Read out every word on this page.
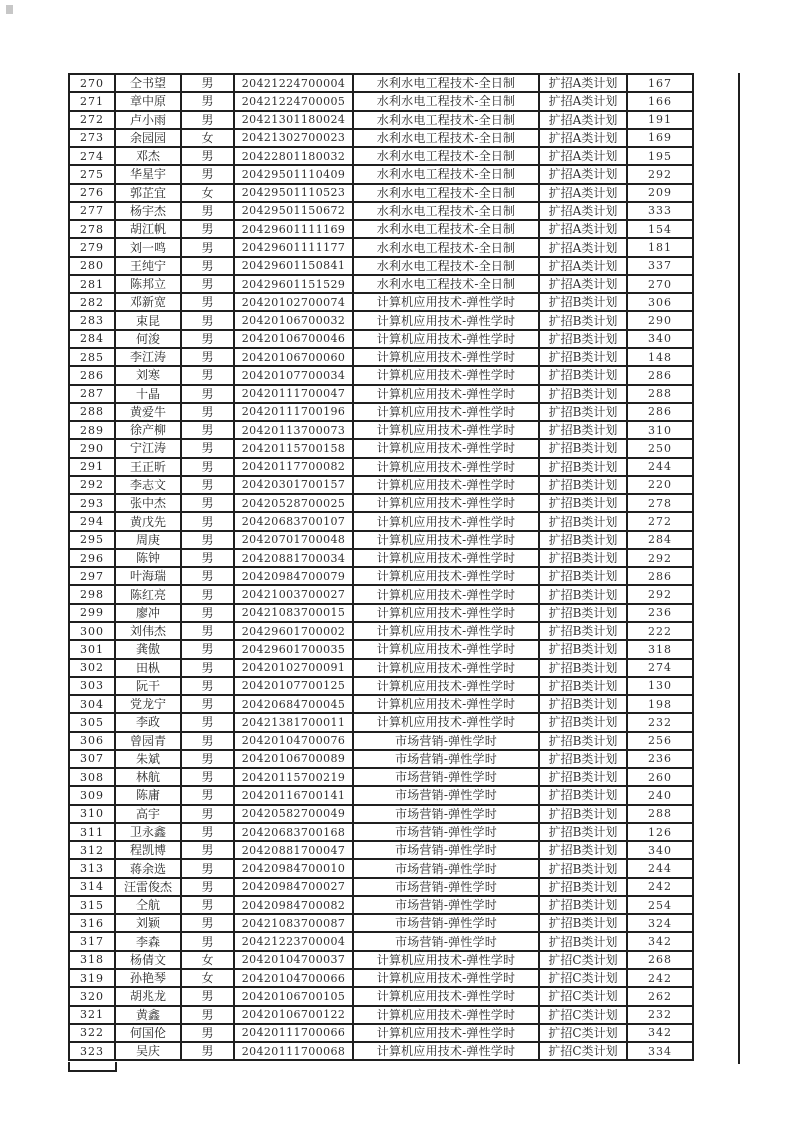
270	仝书望	男	20421224700004	水利水电工程技术-全日制	扩招A类计划	167
271	章中原	男	20421224700005	水利水电工程技术-全日制	扩招A类计划	166
272	卢小雨	男	20421301180024	水利水电工程技术-全日制	扩招A类计划	191
273	余园园	女	20421302700023	水利水电工程技术-全日制	扩招A类计划	169
274	邓杰	男	20422801180032	水利水电工程技术-全日制	扩招A类计划	195
275	华星宇	男	20429501110409	水利水电工程技术-全日制	扩招A类计划	292
276	郭芷宜	女	20429501110523	水利水电工程技术-全日制	扩招A类计划	209
277	杨宇杰	男	20429501150672	水利水电工程技术-全日制	扩招A类计划	333
278	胡江帆	男	20429601111169	水利水电工程技术-全日制	扩招A类计划	154
279	刘一鸣	男	20429601111177	水利水电工程技术-全日制	扩招A类计划	181
280	王纯宁	男	20429601150841	水利水电工程技术-全日制	扩招A类计划	337
281	陈邦立	男	20429601151529	水利水电工程技术-全日制	扩招A类计划	270
282	邓新宽	男	20420102700074	计算机应用技术-弹性学时	扩招B类计划	306
283	束昆	男	20420106700032	计算机应用技术-弹性学时	扩招B类计划	290
284	何浚	男	20420106700046	计算机应用技术-弹性学时	扩招B类计划	340
285	李江涛	男	20420106700060	计算机应用技术-弹性学时	扩招B类计划	148
286	刘寒	男	20420107700034	计算机应用技术-弹性学时	扩招B类计划	286
287	十晶	男	20420111700047	计算机应用技术-弹性学时	扩招B类计划	288
288	黄爱牛	男	20420111700196	计算机应用技术-弹性学时	扩招B类计划	286
289	徐产柳	男	20420113700073	计算机应用技术-弹性学时	扩招B类计划	310
290	宁江涛	男	20420115700158	计算机应用技术-弹性学时	扩招B类计划	250
291	王正昕	男	20420117700082	计算机应用技术-弹性学时	扩招B类计划	244
292	李志文	男	20420301700157	计算机应用技术-弹性学时	扩招B类计划	220
293	张中杰	男	20420528700025	计算机应用技术-弹性学时	扩招B类计划	278
294	黄戊先	男	20420683700107	计算机应用技术-弹性学时	扩招B类计划	272
295	周庚	男	20420701700048	计算机应用技术-弹性学时	扩招B类计划	284
296	陈钟	男	20420881700034	计算机应用技术-弹性学时	扩招B类计划	292
297	叶海瑞	男	20420984700079	计算机应用技术-弹性学时	扩招B类计划	286
298	陈红亮	男	20421003700027	计算机应用技术-弹性学时	扩招B类计划	292
299	廖冲	男	20421083700015	计算机应用技术-弹性学时	扩招B类计划	236
300	刘伟杰	男	20429601700002	计算机应用技术-弹性学时	扩招B类计划	222
301	龚傲	男	20429601700035	计算机应用技术-弹性学时	扩招B类计划	318
302	田枞	男	20420102700091	计算机应用技术-弹性学时	扩招B类计划	274
303	阮干	男	20420107700125	计算机应用技术-弹性学时	扩招B类计划	130
304	党龙宁	男	20420684700045	计算机应用技术-弹性学时	扩招B类计划	198
305	李政	男	20421381700011	计算机应用技术-弹性学时	扩招B类计划	232
306	曾园青	男	20420104700076	市场营销-弹性学时	扩招B类计划	256
307	朱斌	男	20420106700089	市场营销-弹性学时	扩招B类计划	236
308	林航	男	20420115700219	市场营销-弹性学时	扩招B类计划	260
309	陈庸	男	20420116700141	市场营销-弹性学时	扩招B类计划	240
310	高宇	男	20420582700049	市场营销-弹性学时	扩招B类计划	288
311	卫永鑫	男	20420683700168	市场营销-弹性学时	扩招B类计划	126
312	程凯博	男	20420881700047	市场营销-弹性学时	扩招B类计划	340
313	蒋余选	男	20420984700010	市场营销-弹性学时	扩招B类计划	244
314	汪雷俊杰	男	20420984700027	市场营销-弹性学时	扩招B类计划	242
315	仝航	男	20420984700082	市场营销-弹性学时	扩招B类计划	254
316	刘颖	男	20421083700087	市场营销-弹性学时	扩招B类计划	324
317	李森	男	20421223700004	市场营销-弹性学时	扩招B类计划	342
318	杨倩文	女	20420104700037	计算机应用技术-弹性学时	扩招C类计划	268
319	孙艳琴	女	20420104700066	计算机应用技术-弹性学时	扩招C类计划	242
320	胡兆龙	男	20420106700105	计算机应用技术-弹性学时	扩招C类计划	262
321	黄鑫	男	20420106700122	计算机应用技术-弹性学时	扩招C类计划	232
322	何国伦	男	20420111700066	计算机应用技术-弹性学时	扩招C类计划	342
323	吴庆	男	20420111700068	计算机应用技术-弹性学时	扩招C类计划	334
